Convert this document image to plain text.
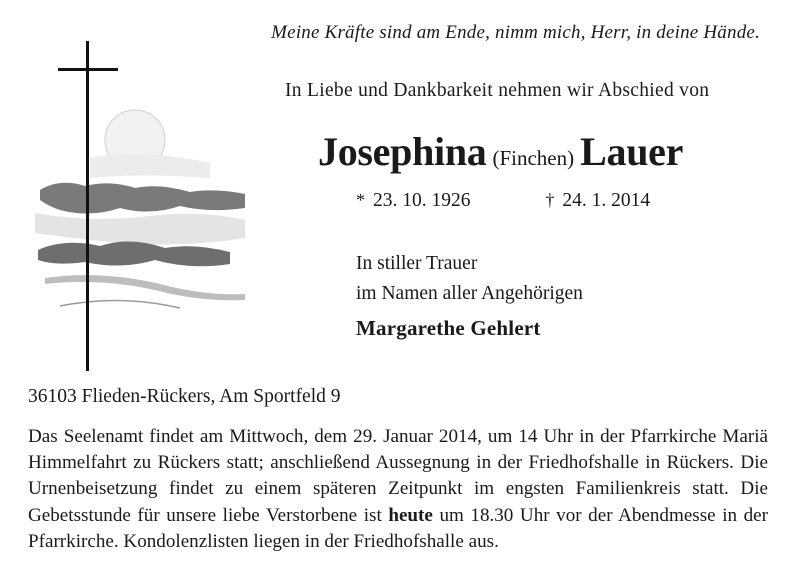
Meine Kräfte sind am Ende, nimm mich, Herr, in deine Hände.
In Liebe und Dankbarkeit nehmen wir Abschied von
Josephina (Finchen) Lauer
* 23. 10. 1926	† 24. 1. 2014
In stiller Trauer
im Namen aller Angehörigen
Margarethe Gehlert
36103 Flieden-Rückers, Am Sportfeld 9
Das Seelenamt findet am Mittwoch, dem 29. Januar 2014, um 14 Uhr in der Pfarrkirche Mariä Himmelfahrt zu Rückers statt; anschließend Aussegnung in der Friedhofshalle in Rückers. Die Urnenbeisetzung findet zu einem späteren Zeitpunkt im engsten Familienkreis statt. Die Gebetsstunde für unsere liebe Verstorbene ist heute um 18.30 Uhr vor der Abendmesse in der Pfarrkirche. Kondolenzlisten liegen in der Friedhofshalle aus.
